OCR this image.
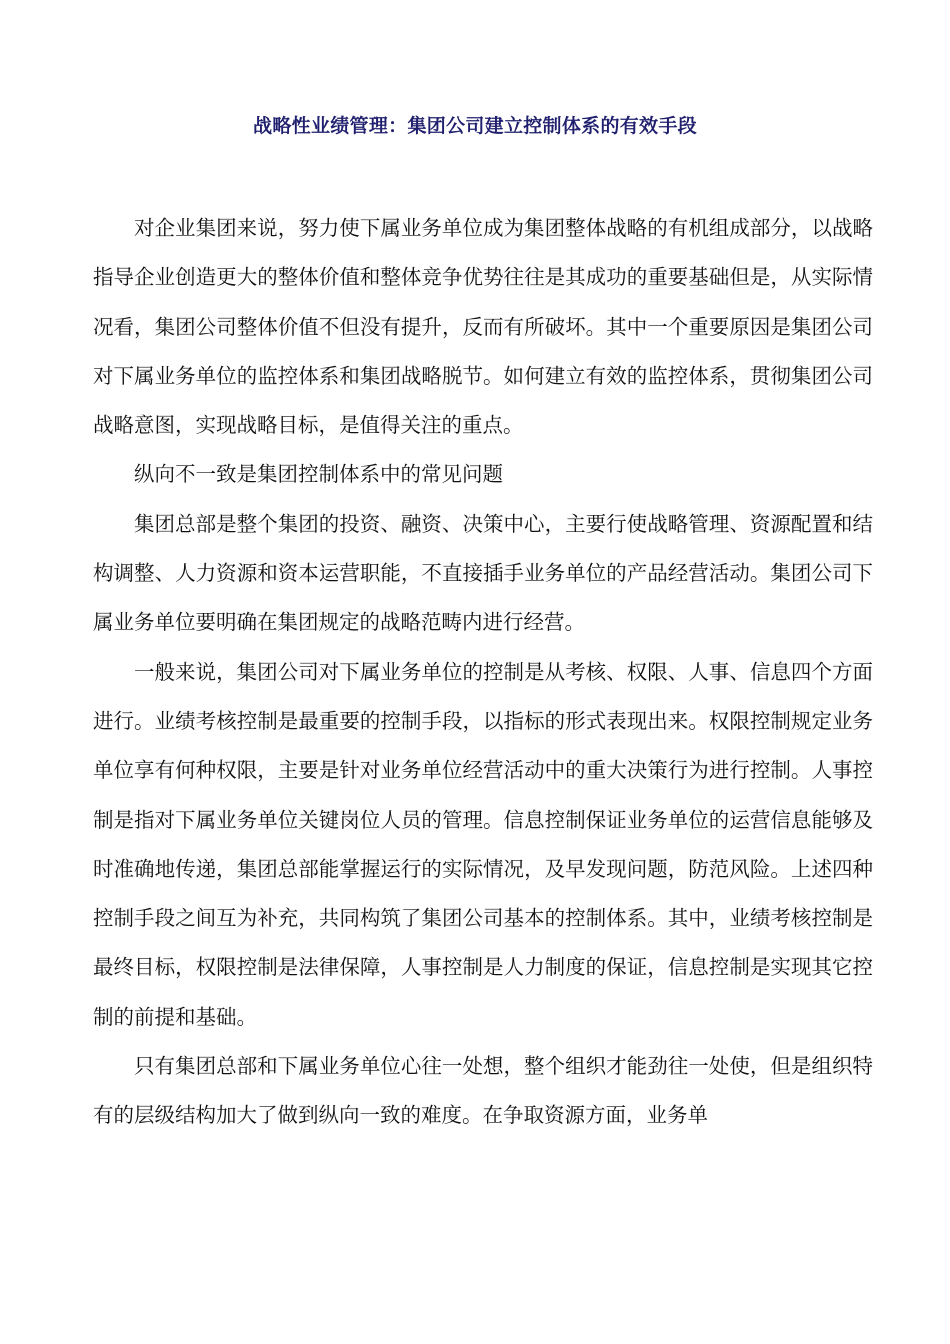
战略性业绩管理：集团公司建立控制体系的有效手段

对企业集团来说，努力使下属业务单位成为集团整体战略的有机组成部分，以战略指导企业创造更大的整体价值和整体竞争优势往往是其成功的重要基础但是，从实际情况看，集团公司整体价值不但没有提升，反而有所破坏。其中一个重要原因是集团公司对下属业务单位的监控体系和集团战略脱节。如何建立有效的监控体系，贯彻集团公司战略意图，实现战略目标，是值得关注的重点。

纵向不一致是集团控制体系中的常见问题

集团总部是整个集团的投资、融资、决策中心，主要行使战略管理、资源配置和结构调整、人力资源和资本运营职能，不直接插手业务单位的产品经营活动。集团公司下属业务单位要明确在集团规定的战略范畴内进行经营。

一般来说，集团公司对下属业务单位的控制是从考核、权限、人事、信息四个方面进行。业绩考核控制是最重要的控制手段，以指标的形式表现出来。权限控制规定业务单位享有何种权限，主要是针对业务单位经营活动中的重大决策行为进行控制。人事控制是指对下属业务单位关键岗位人员的管理。信息控制保证业务单位的运营信息能够及时准确地传递，集团总部能掌握运行的实际情况，及早发现问题，防范风险。上述四种控制手段之间互为补充，共同构筑了集团公司基本的控制体系。其中，业绩考核控制是最终目标，权限控制是法律保障，人事控制是人力制度的保证，信息控制是实现其它控制的前提和基础。

只有集团总部和下属业务单位心往一处想，整个组织才能劲往一处使，但是组织特有的层级结构加大了做到纵向一致的难度。在争取资源方面，业务单
